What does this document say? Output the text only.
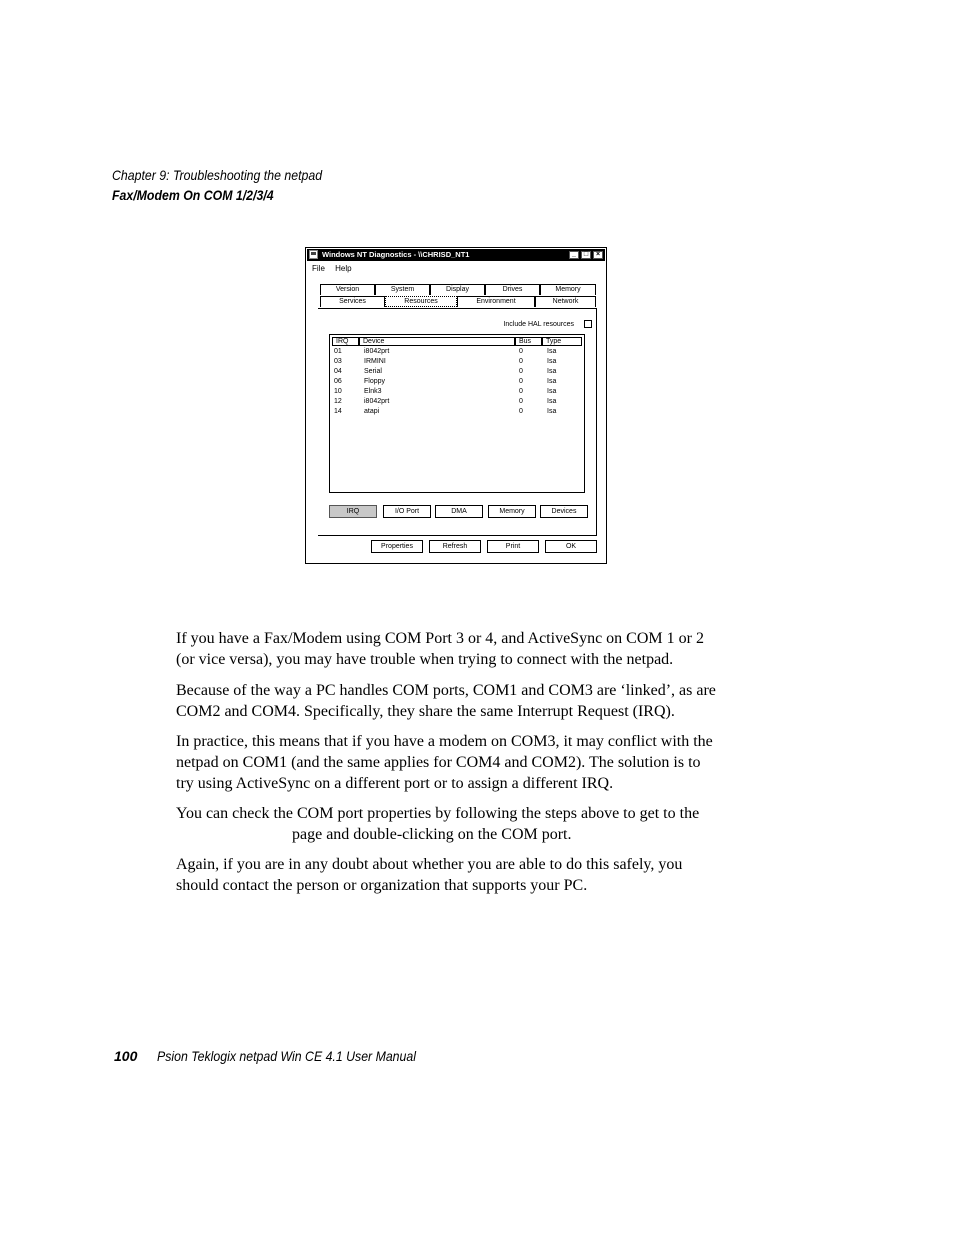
Chapter 9: Troubleshooting the netpad
Fax/Modem On COM 1/2/3/4
Windows NT Diagnostics - \\CHRISD_NT1	_	□	×
File Help
Version	System	Display	Drives	Memory
Services	Resources	Environment	Network
Include HAL resources
IRQ	Device	Bus	Type
01	i8042prt	0	Isa
03	IRMINI	0	Isa
04	Serial	0	Isa
06	Floppy	0	Isa
10	Elnk3	0	Isa
12	i8042prt	0	Isa
14	atapi	0	Isa
IRQ	I/O Port	DMA	Memory	Devices
Properties	Refresh	Print	OK
If you have a Fax/Modem using COM Port 3 or 4, and ActiveSync on COM 1 or 2
(or vice versa), you may have trouble when trying to connect with the netpad.
Because of the way a PC handles COM ports, COM1 and COM3 are ‘linked’, as are
COM2 and COM4. Specifically, they share the same Interrupt Request (IRQ).
In practice, this means that if you have a modem on COM3, it may conflict with the
netpad on COM1 (and the same applies for COM4 and COM2). The solution is to
try using ActiveSync on a different port or to assign a different IRQ.
You can check the COM port properties by following the steps above to get to the
page and double-clicking on the COM port.
Again, if you are in any doubt about whether you are able to do this safely, you
should contact the person or organization that supports your PC.
100 Psion Teklogix netpad Win CE 4.1 User Manual
